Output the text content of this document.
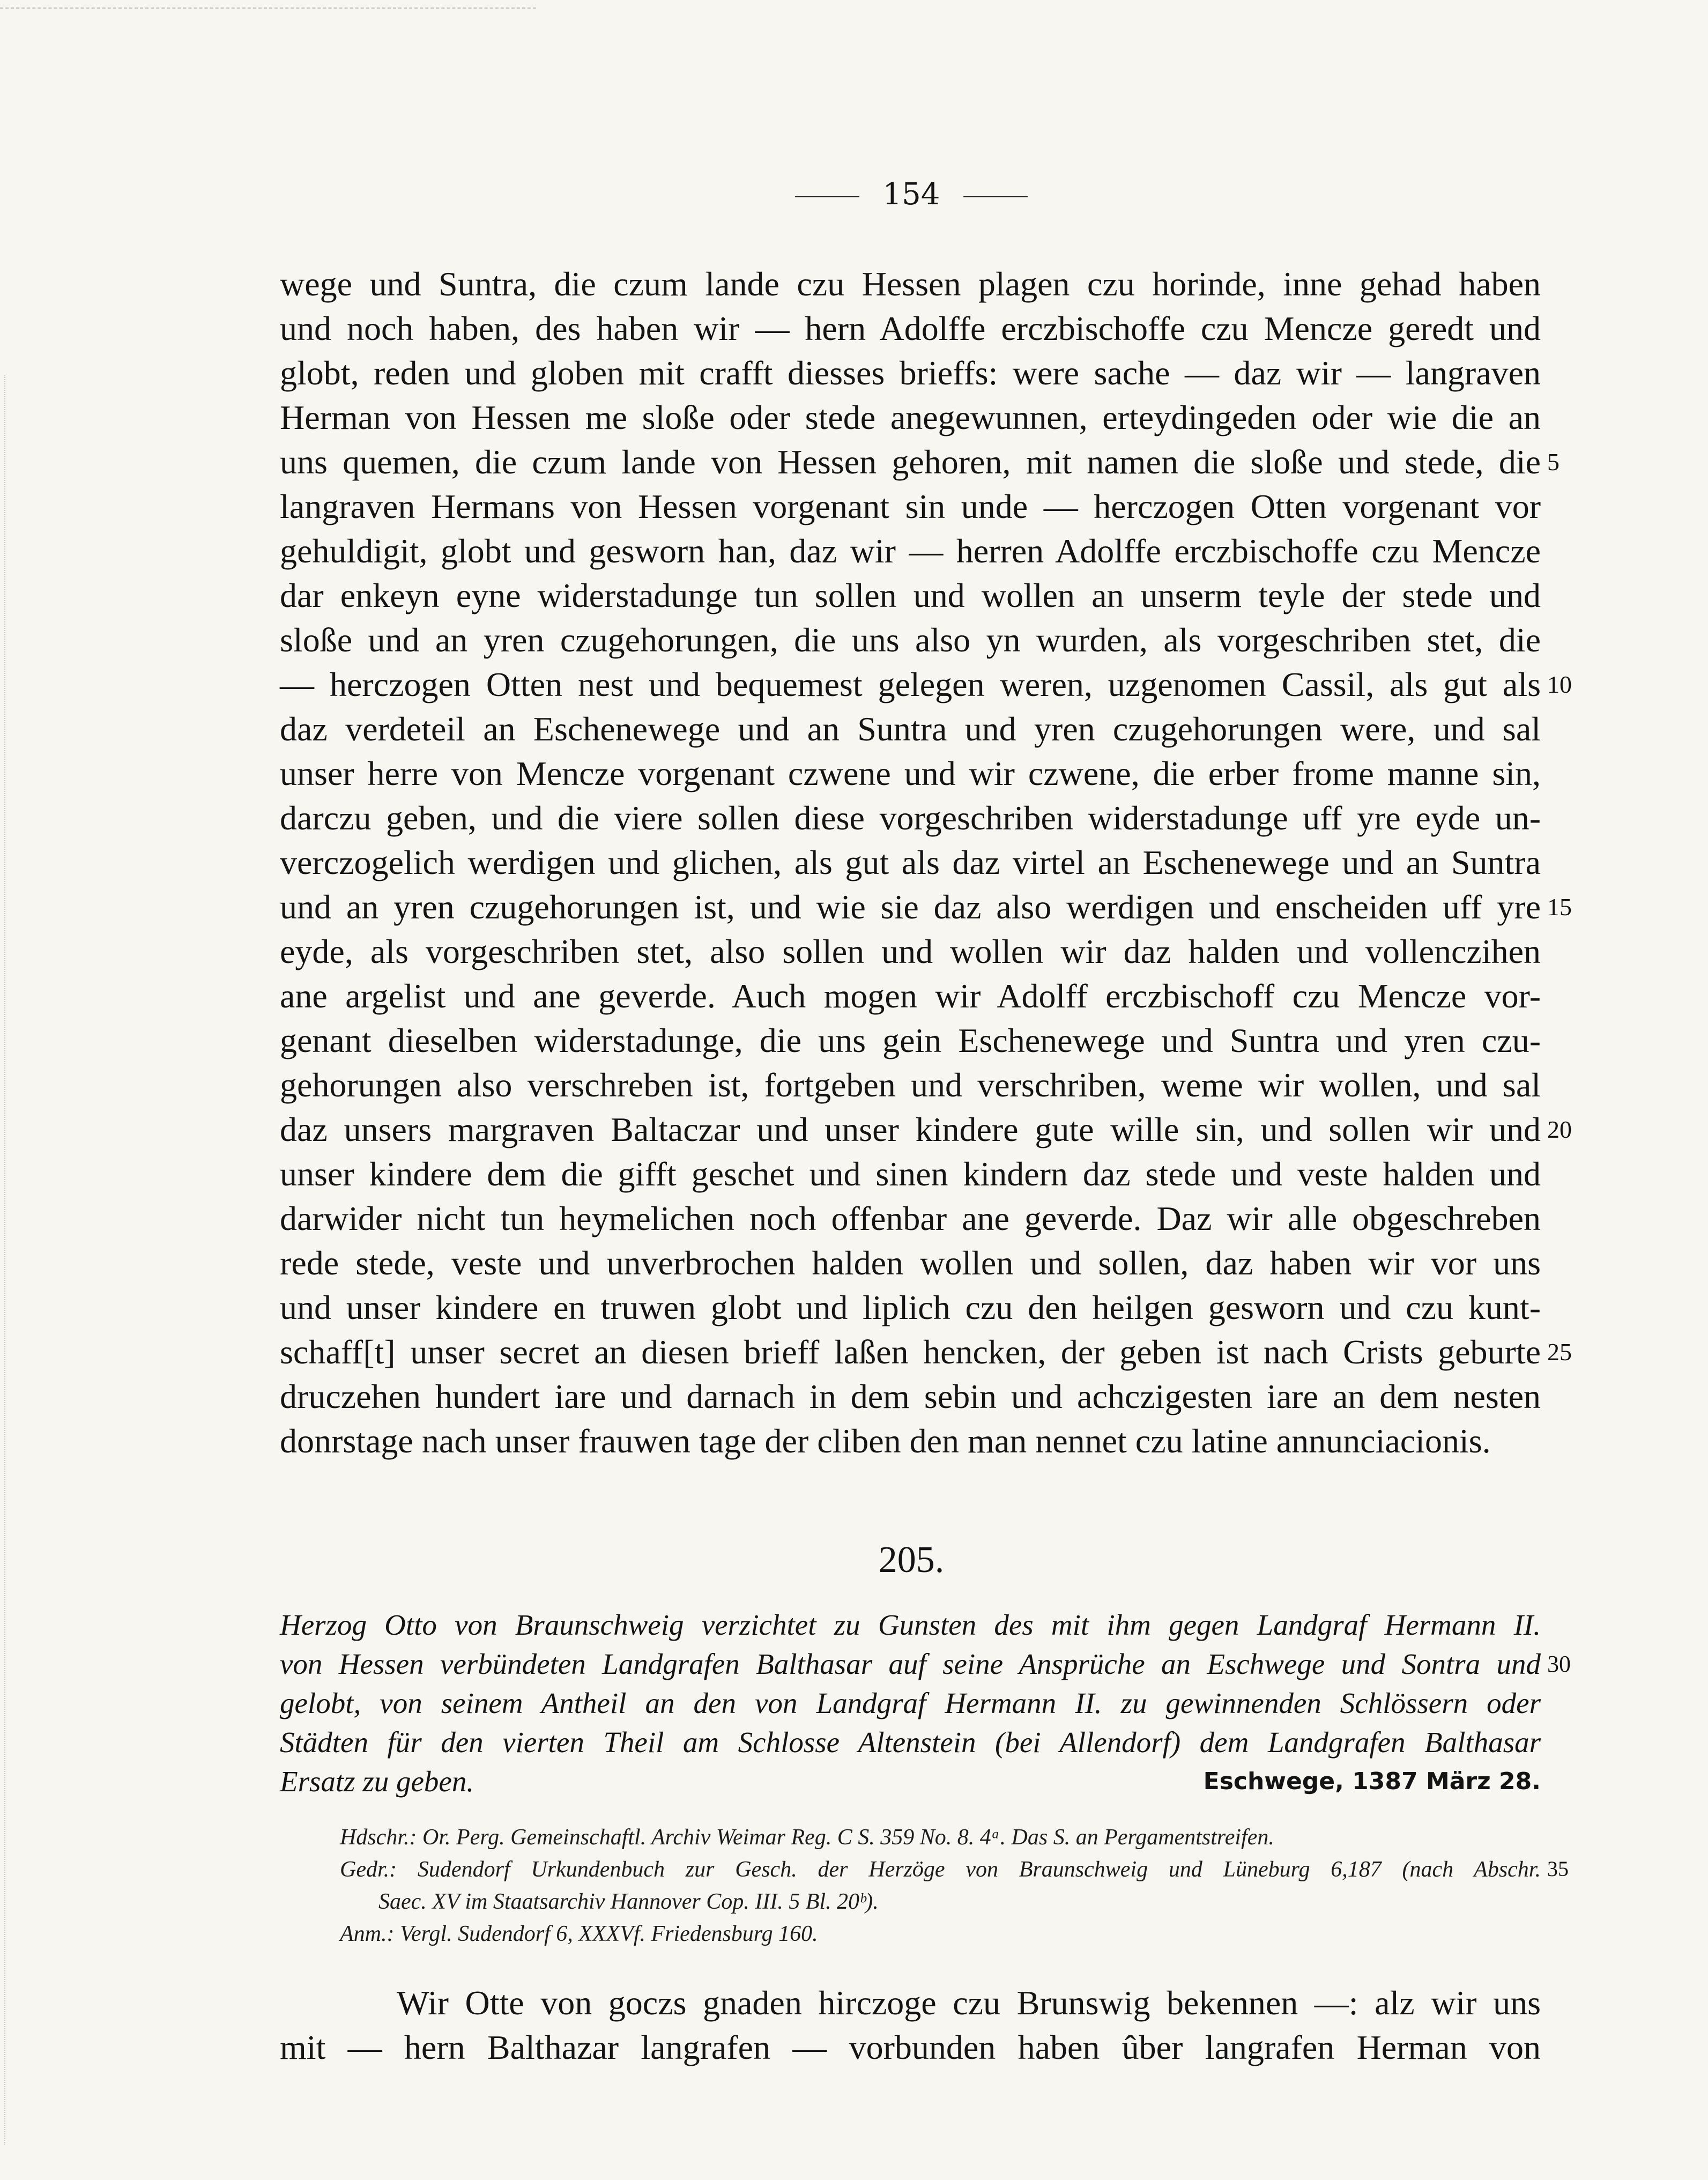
154
wege und Suntra, die czum lande czu Hessen plagen czu horinde, inne gehad haben
und noch haben, des haben wir — hern Adolffe erczbischoffe czu Mencze geredt und
globt, reden und globen mit crafft diesses brieffs: were sache — daz wir — langraven
Herman von Hessen me sloße oder stede anegewunnen, erteydingeden oder wie die an
uns quemen, die czum lande von Hessen gehoren, mit namen die sloße und stede, die
langraven Hermans von Hessen vorgenant sin unde — herczogen Otten vorgenant vor
gehuldigit, globt und gesworn han, daz wir — herren Adolffe erczbischoffe czu Mencze
dar enkeyn eyne widerstadunge tun sollen und wollen an unserm teyle der stede und
sloße und an yren czugehorungen, die uns also yn wurden, als vorgeschriben stet, die
— herczogen Otten nest und bequemest gelegen weren, uzgenomen Cassil, als gut als
daz verdeteil an Eschenewege und an Suntra und yren czugehorungen were, und sal
unser herre von Mencze vorgenant czwene und wir czwene, die erber frome manne sin,
darczu geben, und die viere sollen diese vorgeschriben widerstadunge uff yre eyde un-
verczogelich werdigen und glichen, als gut als daz virtel an Eschenewege und an Suntra
und an yren czugehorungen ist, und wie sie daz also werdigen und enscheiden uff yre
eyde, als vorgeschriben stet, also sollen und wollen wir daz halden und vollenczihen
ane argelist und ane geverde. Auch mogen wir Adolff erczbischoff czu Mencze vor-
genant dieselben widerstadunge, die uns gein Eschenewege und Suntra und yren czu-
gehorungen also verschreben ist, fortgeben und verschriben, weme wir wollen, und sal
daz unsers margraven Baltaczar und unser kindere gute wille sin, und sollen wir und
unser kindere dem die gifft geschet und sinen kindern daz stede und veste halden und
darwider nicht tun heymelichen noch offenbar ane geverde. Daz wir alle obgeschreben
rede stede, veste und unverbrochen halden wollen und sollen, daz haben wir vor uns
und unser kindere en truwen globt und liplich czu den heilgen gesworn und czu kunt-
schaff[t] unser secret an diesen brieff laßen hencken, der geben ist nach Crists geburte
druczehen hundert iare und darnach in dem sebin und achczigesten iare an dem nesten
donrstage nach unser frauwen tage der cliben den man nennet czu latine annunciacionis.
5
10
15
20
25
205.
Herzog Otto von Braunschweig verzichtet zu Gunsten des mit ihm gegen Landgraf Hermann II.
von Hessen verbündeten Landgrafen Balthasar auf seine Ansprüche an Eschwege und Sontra und
gelobt, von seinem Antheil an den von Landgraf Hermann II. zu gewinnenden Schlössern oder
Städten für den vierten Theil am Schlosse Altenstein (bei Allendorf) dem Landgrafen Balthasar
Ersatz zu geben.	Eschwege, 1387 März 28.
30
Hdschr.: Or. Perg. Gemeinschaftl. Archiv Weimar Reg. C S. 359 No. 8. 4ᵃ. Das S. an Pergamentstreifen.
Gedr.: Sudendorf Urkundenbuch zur Gesch. der Herzöge von Braunschweig und Lüneburg 6,187 (nach Abschr.
Saec. XV im Staatsarchiv Hannover Cop. III. 5 Bl. 20ᵇ).
Anm.: Vergl. Sudendorf 6, XXXVf. Friedensburg 160.
35
Wir Otte von goczs gnaden hirczoge czu Brunswig bekennen —: alz wir uns
mit — hern Balthazar langrafen — vorbunden haben ûber langrafen Herman von
